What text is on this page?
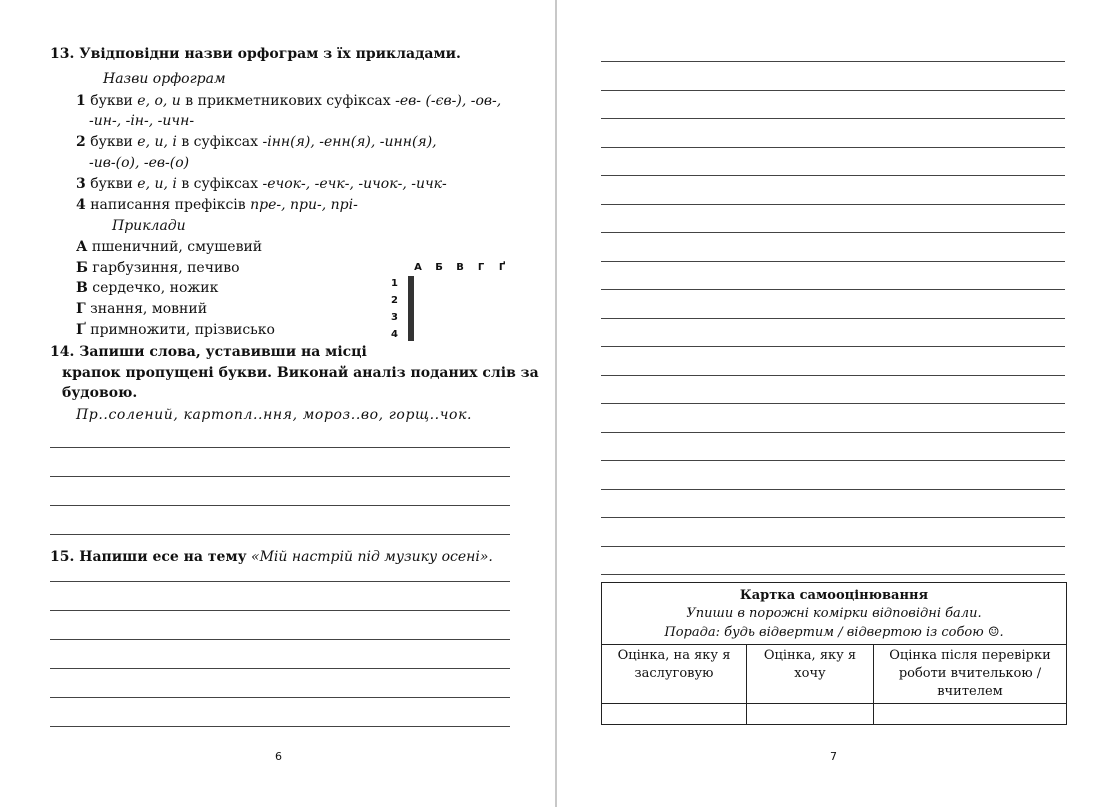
13. Увідповідни назви орфограм з їх прикладами.
Назви орфограм
1 букви е, о, и в прикметникових суфіксах -ев- (-єв-), -ов-,
-ин-, -ін-, -ичн-
2 букви е, и, і в суфіксах -інн(я), -енн(я), -инн(я),
-ив-(о), -ев-(о)
3 букви е, и, і в суфіксах -ечок-, -ечк-, -ичок-, -ичк-
4 написання префіксів пре-, при-, прі-
Приклади
А пшеничний, смушевий
Б гарбузиння, печиво
В сердечко, ножик
Г знання, мовний
Ґ примножити, прізвисько
А	Б	В	Г	Ґ
1
2
3
4

14. Запиши слова, уставивши на місці
крапок пропущені букви. Виконай аналіз поданих слів за
будовою.
Пр..солений, картопл..ння, мороз..во, горщ..чок.
15. Напиши есе на тему «Мій настрій під музику осені».
6
Картка самооцінювання
Упиши в порожні комірки відповідні бали.
Порада: будь відвертим / відвертою із собою ☺.
Оцінка, на яку я заслуговую	Оцінка, яку я хочу	Оцінка після перевірки роботи вчителькою / вчителем

7
